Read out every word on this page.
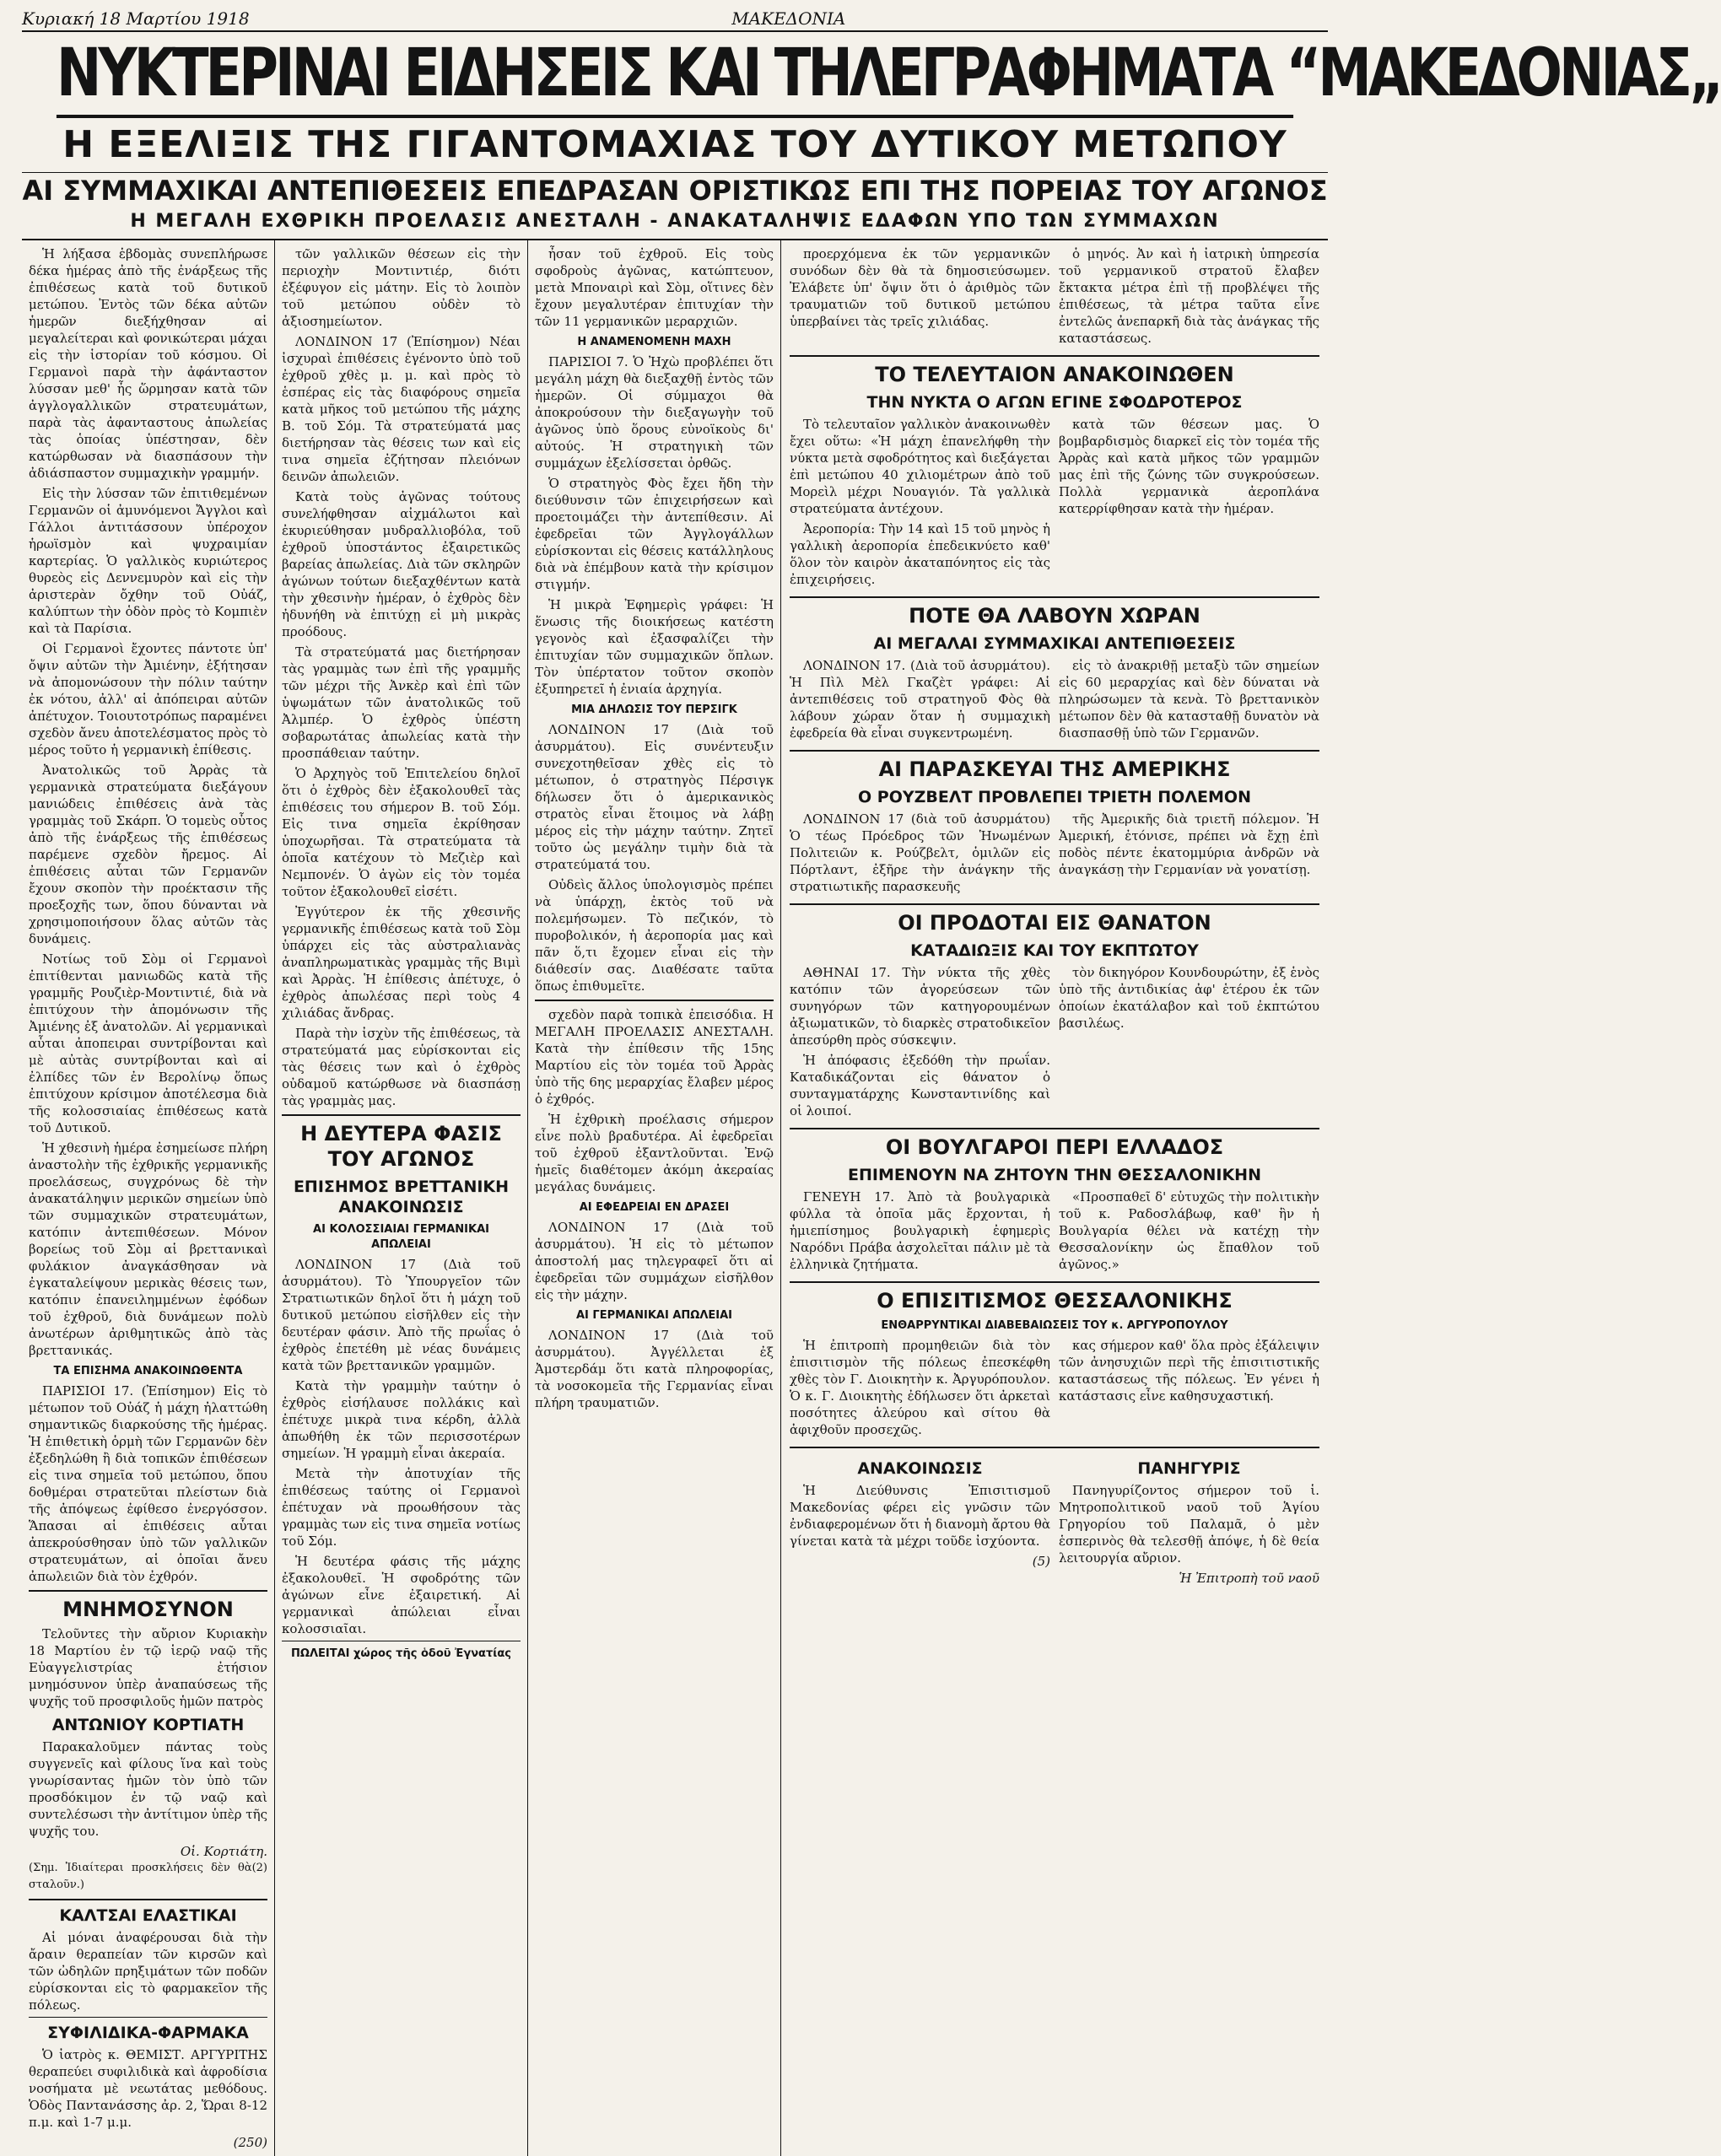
Κυριακή 18 Μαρτίου 1918	ΜΑΚΕΔΟΝΙΑ
ΝΥΚΤΕΡΙΝΑΙ ΕΙΔΗΣΕΙΣ ΚΑΙ ΤΗΛΕΓΡΑΦΗΜΑΤΑ “ΜΑΚΕΔΟΝΙΑΣ„
Η ΕΞΕΛΙΞΙΣ ΤΗΣ ΓΙΓΑΝΤΟΜΑΧΙΑΣ ΤΟΥ ΔΥΤΙΚΟΥ ΜΕΤΩΠΟΥ
ΑΙ ΣΥΜΜΑΧΙΚΑΙ ΑΝΤΕΠΙΘΕΣΕΙΣ ΕΠΕΔΡΑΣΑΝ ΟΡΙΣΤΙΚΩΣ ΕΠΙ ΤΗΣ ΠΟΡΕΙΑΣ ΤΟΥ ΑΓΩΝΟΣ
Η ΜΕΓΑΛΗ ΕΧΘΡΙΚΗ ΠΡΟΕΛΑΣΙΣ ΑΝΕΣΤΑΛΗ - ΑΝΑΚΑΤΑΛΗΨΙΣ ΕΔΑΦΩΝ ΥΠΟ ΤΩΝ ΣΥΜΜΑΧΩΝ

Ἡ λήξασα ἑβδομὰς συνεπλήρωσε δέκα ἡμέρας ἀπὸ τῆς ἐνάρξεως τῆς ἐπιθέσεως κατὰ τοῦ δυτικοῦ μετώπου. Ἐντὸς τῶν δέκα αὐτῶν ἡμερῶν διεξήχθησαν αἱ μεγαλείτεραι καὶ φονικώτεραι μάχαι εἰς τὴν ἱστορίαν τοῦ κόσμου. Οἱ Γερμανοὶ παρὰ τὴν ἀφάνταστον λύσσαν μεθ' ἧς ὥρμησαν κατὰ τῶν ἀγγλογαλλικῶν στρατευμάτων, παρὰ τὰς ἀφανταστους ἀπωλείας τὰς ὁποίας ὑπέστησαν, δὲν κατώρθωσαν νὰ διασπάσουν τὴν ἀδιάσπαστον συμμαχικὴν γραμμήν.

Εἰς τὴν λύσσαν τῶν ἐπιτιθεμένων Γερμανῶν οἱ ἀμυνόμενοι Ἄγγλοι καὶ Γάλλοι ἀντιτάσσουν ὑπέροχον ἡρωϊσμὸν καὶ ψυχραιμίαν καρτερίας. Ὁ γαλλικὸς κυριώτερος θυρεὸς εἰς Δεννεμυρὸν καὶ εἰς τὴν ἀριστερὰν ὄχθην τοῦ Οὐάζ, καλύπτων τὴν ὁδὸν πρὸς τὸ Κομπιὲν καὶ τὰ Παρίσια.

Οἱ Γερμανοὶ ἔχοντες πάντοτε ὑπ' ὄψιν αὐτῶν τὴν Ἀμιένην, ἐξήτησαν νὰ ἀπομονώσουν τὴν πόλιν ταύτην ἐκ νότου, ἀλλ' αἱ ἀπόπειραι αὐτῶν ἀπέτυχον. Τοιουτοτρόπως παραμένει σχεδὸν ἄνευ ἀποτελέσματος πρὸς τὸ μέρος τοῦτο ἡ γερμανικὴ ἐπίθεσις.

Ἀνατολικῶς τοῦ Ἀρρὰς τὰ γερμανικὰ στρατεύματα διεξάγουν μανιώδεις ἐπιθέσεις ἀνὰ τὰς γραμμὰς τοῦ Σκάρπ. Ὁ τομεὺς οὗτος ἀπὸ τῆς ἐνάρξεως τῆς ἐπιθέσεως παρέμενε σχεδὸν ἤρεμος. Αἱ ἐπιθέσεις αὗται τῶν Γερμανῶν ἔχουν σκοπὸν τὴν προέκτασιν τῆς προεξοχῆς των, ὅπου δύνανται νὰ χρησιμοποιήσουν ὅλας αὐτῶν τὰς δυνάμεις.

Νοτίως τοῦ Σὸμ οἱ Γερμανοὶ ἐπιτίθενται μανιωδῶς κατὰ τῆς γραμμῆς Ρουζιὲρ-Μοντιντιέ, διὰ νὰ ἐπιτύχουν τὴν ἀπομόνωσιν τῆς Ἀμιένης ἐξ ἀνατολῶν. Αἱ γερμανικαὶ αὗται ἀποπειραι συντρίβονται καὶ μὲ αὐτὰς συντρίβονται καὶ αἱ ἐλπίδες τῶν ἐν Βερολίνῳ ὅπως ἐπιτύχουν κρίσιμον ἀποτέλεσμα διὰ τῆς κολοσσιαίας ἐπιθέσεως κατὰ τοῦ Δυτικοῦ.

Ἡ χθεσινὴ ἡμέρα ἐσημείωσε πλήρη ἀναστολὴν τῆς ἐχθρικῆς γερμανικῆς προελάσεως, συγχρόνως δὲ τὴν ἀνακατάληψιν μερικῶν σημείων ὑπὸ τῶν συμμαχικῶν στρατευμάτων, κατόπιν ἀντεπιθέσεων. Μόνον βορείως τοῦ Σὸμ αἱ βρεττανικαὶ φυλάκιον ἀναγκάσθησαν νὰ ἐγκαταλείψουν μερικὰς θέσεις των, κατόπιν ἐπανειλημμένων ἐφόδων τοῦ ἐχθροῦ, διὰ δυνάμεων πολὺ ἀνωτέρων ἀριθμητικῶς ἀπὸ τὰς βρεττανικάς.

ΤΑ ΕΠΙΣΗΜΑ ΑΝΑΚΟΙΝΩΘΕΝΤΑ

ΠΑΡΙΣΙΟΙ 17. (Ἐπίσημον) Εἰς τὸ μέτωπον τοῦ Οὐάζ ἡ μάχη ἠλαττώθη σημαντικῶς διαρκούσης τῆς ἡμέρας. Ἡ ἐπιθετικὴ ὁρμὴ τῶν Γερμανῶν δὲν ἐξεδηλώθη ἢ διὰ τοπικῶν ἐπιθέσεων εἰς τινα σημεῖα τοῦ μετώπου, ὅπου δοθμέραι στρατεῦται πλείστων διὰ τῆς ἀπόψεως ἐφίθεσο ἐνεργόσσον. Ἅπασαι αἱ ἐπιθέσεις αὗται ἀπεκρούσθησαν ὑπὸ τῶν γαλλικῶν στρατευμάτων, αἱ ὁποῖαι ἄνευ ἀπωλειῶν διὰ τὸν ἐχθρόν.

ΜΝΗΜΟΣΥΝΟΝ

Τελοῦντες τὴν αὔριον Κυριακὴν 18 Μαρτίου ἐν τῷ ἱερῷ ναῷ τῆς Εὐαγγελιστρίας ἐτήσιον μνημόσυνον ὑπὲρ ἀναπαύσεως τῆς ψυχῆς τοῦ προσφιλοῦς ἡμῶν πατρὸς

ΑΝΤΩΝΙΟΥ ΚΟΡΤΙΑΤΗ

Παρακαλοῦμεν πάντας τοὺς συγγενεῖς καὶ φίλους ἵνα καὶ τοὺς γνωρίσαντας ἡμῶν τὸν ὑπὸ τῶν προσδόκιμον ἐν τῷ ναῷ καὶ συντελέσωσι τὴν ἀντίτιμον ὑπὲρ τῆς ψυχῆς του.

Οἱ. Κορτιάτη.
(Σημ. Ἱδιαίτεραι προσκλήσεις δὲν θὰ σταλοῦν.)
(2)
ΚΑΛΤΣΑΙ ΕΛΑΣΤΙΚΑΙ

Αἱ μόναι ἀναφέρουσαι διὰ τὴν ἄραιν θεραπείαν τῶν κιρσῶν καὶ τῶν ὠδηλῶν πρηξιμάτων τῶν ποδῶν εὑρίσκονται εἰς τὸ φαρμακεῖον τῆς πόλεως.

ΣΥΦΙΛΙΔΙΚΑ-ΦΑΡΜΑΚΑ

Ὁ ἰατρὸς κ. ΘΕΜΙΣΤ. ΑΡΓΥΡΙΤΗΣ θεραπεύει συφιλιδικὰ καὶ ἀφροδίσια νοσήματα μὲ νεωτάτας μεθόδους. Ὁδὸς Παντανάσσης ἀρ. 2, Ὥραι 8-12 π.μ. καὶ 1-7 μ.μ.

(250)

τῶν γαλλικῶν θέσεων εἰς τὴν περιοχὴν Μοντιντιέρ, διότι ἐξέφυγον εἰς μάτην. Εἰς τὸ λοιπὸν τοῦ μετώπου οὐδὲν τὸ ἀξιοσημείωτον.

ΛΟΝΔΙΝΟΝ 17 (Ἐπίσημον) Νέαι ἰσχυραὶ ἐπιθέσεις ἐγένοντο ὑπὸ τοῦ ἐχθροῦ χθὲς μ. μ. καὶ πρὸς τὸ ἑσπέρας εἰς τὰς διαφόρους σημεῖα κατὰ μῆκος τοῦ μετώπου τῆς μάχης Β. τοῦ Σόμ. Τὰ στρατεύματά μας διετήρησαν τὰς θέσεις των καὶ εἰς τινα σημεῖα ἐζήτησαν πλειόνων δεινῶν ἀπωλειῶν.

Κατὰ τοὺς ἀγῶνας τούτους συνελήφθησαν αἰχμάλωτοι καὶ ἐκυριεύθησαν μυδραλλιοβόλα, τοῦ ἐχθροῦ ὑποστάντος ἐξαιρετικῶς βαρείας ἀπωλείας. Διὰ τῶν σκληρῶν ἀγώνων τούτων διεξαχθέντων κατὰ τὴν χθεσινὴν ἡμέραν, ὁ ἐχθρὸς δὲν ἠδυνήθη νὰ ἐπιτύχῃ εἰ μὴ μικρὰς προόδους.

Τὰ στρατεύματά μας διετήρησαν τὰς γραμμὰς των ἐπὶ τῆς γραμμῆς τῶν μέχρι τῆς Ἀνκὲρ καὶ ἐπὶ τῶν ὑψωμάτων τῶν ἀνατολικῶς τοῦ Ἀλμπέρ. Ὁ ἐχθρὸς ὑπέστη σοβαρωτάτας ἀπωλείας κατὰ τὴν προσπάθειαν ταύτην.

Ὁ Ἀρχηγὸς τοῦ Ἐπιτελείου δηλοῖ ὅτι ὁ ἐχθρὸς δὲν ἐξακολουθεῖ τὰς ἐπιθέσεις του σήμερον Β. τοῦ Σόμ. Εἰς τινα σημεῖα ἐκρίθησαν ὑποχωρῆσαι. Τὰ στρατεύματα τὰ ὁποῖα κατέχουν τὸ Μεζιὲρ καὶ Νεμπονέν. Ὁ ἀγὼν εἰς τὸν τομέα τοῦτον ἐξακολουθεῖ εἰσέτι.

Ἐγγύτερον ἐκ τῆς χθεσινῆς γερμανικῆς ἐπιθέσεως κατὰ τοῦ Σὸμ ὑπάρχει εἰς τὰς αὐστραλιανὰς ἀναπληρωματικὰς γραμμὰς τῆς Βιμὶ καὶ Ἀρρὰς. Ἡ ἐπίθεσις ἀπέτυχε, ὁ ἐχθρὸς ἀπωλέσας περὶ τοὺς 4 χιλιάδας ἄνδρας.

Παρὰ τὴν ἰσχὺν τῆς ἐπιθέσεως, τὰ στρατεύματά μας εὑρίσκονται εἰς τὰς θέσεις των καὶ ὁ ἐχθρὸς οὐδαμοῦ κατώρθωσε νὰ διασπάσῃ τὰς γραμμὰς μας.

Η ΔΕΥΤΕΡΑ ΦΑΣΙΣ ΤΟΥ ΑΓΩΝΟΣ
ΕΠΙΣΗΜΟΣ ΒΡΕΤΤΑΝΙΚΗ ΑΝΑΚΟΙΝΩΣΙΣ
ΑΙ ΚΟΛΟΣΣΙΑΙΑΙ ΓΕΡΜΑΝΙΚΑΙ ΑΠΩΛΕΙΑΙ

ΛΟΝΔΙΝΟΝ 17 (Διὰ τοῦ ἀσυρμάτου). Τὸ Ὑπουργεῖον τῶν Στρατιωτικῶν δηλοῖ ὅτι ἡ μάχη τοῦ δυτικοῦ μετώπου εἰσῆλθεν εἰς τὴν δευτέραν φάσιν. Ἀπὸ τῆς πρωΐας ὁ ἐχθρὸς ἐπετέθη μὲ νέας δυνάμεις κατὰ τῶν βρεττανικῶν γραμμῶν.

Κατὰ τὴν γραμμὴν ταύτην ὁ ἐχθρὸς εἰσήλαυσε πολλάκις καὶ ἐπέτυχε μικρὰ τινα κέρδη, ἀλλὰ ἀπωθήθη ἐκ τῶν περισσοτέρων σημείων. Ἡ γραμμὴ εἶναι ἀκεραία.

Μετὰ τὴν ἀποτυχίαν τῆς ἐπιθέσεως ταύτης οἱ Γερμανοὶ ἐπέτυχαν νὰ προωθήσουν τὰς γραμμὰς των εἰς τινα σημεῖα νοτίως τοῦ Σόμ.

Ἡ δευτέρα φάσις τῆς μάχης ἐξακολουθεῖ. Ἡ σφοδρότης τῶν ἀγώνων εἶνε ἐξαιρετική. Αἱ γερμανικαὶ ἀπώλειαι εἶναι κολοσσιαῖαι.

ΠΩΛΕΙΤΑΙ χώρος τῆς ὁδοῦ Ἐγνατίας

ἦσαν τοῦ ἐχθροῦ. Εἰς τοὺς σφοδροὺς ἀγῶνας, κατώπτευον, μετὰ Μποναιρὶ καὶ Σὸμ, οἵτινες δὲν ἔχουν μεγαλυτέραν ἐπιτυχίαν τὴν τῶν 11 γερμανικῶν μεραρχιῶν.

Η ΑΝΑΜΕΝΟΜΕΝΗ ΜΑΧΗ

ΠΑΡΙΣΙΟΙ 7. Ὁ Ἠχὼ προβλέπει ὅτι μεγάλη μάχη θὰ διεξαχθῇ ἐντὸς τῶν ἡμερῶν. Οἱ σύμμαχοι θὰ ἀποκρούσουν τὴν διεξαγωγὴν τοῦ ἀγῶνος ὑπὸ ὅρους εὐνοϊκοὺς δι' αὐτούς. Ἡ στρατηγικὴ τῶν συμμάχων ἐξελίσσεται ὀρθῶς.

Ὁ στρατηγὸς Φὸς ἔχει ἤδη τὴν διεύθυνσιν τῶν ἐπιχειρήσεων καὶ προετοιμάζει τὴν ἀντεπίθεσιν. Αἱ ἐφεδρεῖαι τῶν Ἀγγλογάλλων εὑρίσκονται εἰς θέσεις κατάλληλους διὰ νὰ ἐπέμβουν κατὰ τὴν κρίσιμον στιγμήν.

Ἡ μικρὰ Ἐφημερὶς γράφει: Ἡ ἕνωσις τῆς διοικήσεως κατέστη γεγονὸς καὶ ἐξασφαλίζει τὴν ἐπιτυχίαν τῶν συμμαχικῶν ὅπλων. Τὸν ὑπέρτατον τοῦτον σκοπὸν ἐξυπηρετεῖ ἡ ἐνιαία ἀρχηγία.

ΜΙΑ ΔΗΛΩΣΙΣ ΤΟΥ ΠΕΡΣΙΓΚ

ΛΟΝΔΙΝΟΝ 17 (Διὰ τοῦ ἀσυρμάτου). Εἰς συνέντευξιν συνεχοτηθεῖσαν χθὲς εἰς τὸ μέτωπον, ὁ στρατηγὸς Πέρσιγκ δήλωσεν ὅτι ὁ ἀμερικανικὸς στρατὸς εἶναι ἕτοιμος νὰ λάβῃ μέρος εἰς τὴν μάχην ταύτην. Ζητεῖ τοῦτο ὡς μεγάλην τιμὴν διὰ τὰ στρατεύματά του.

Οὐδεὶς ἄλλος ὑπολογισμὸς πρέπει νὰ ὑπάρχῃ, ἐκτὸς τοῦ νὰ πολεμήσωμεν. Τὸ πεζικόν, τὸ πυροβολικόν, ἡ ἀεροπορία μας καὶ πᾶν ὅ,τι ἔχομεν εἶναι εἰς τὴν διάθεσίν σας. Διαθέσατε ταῦτα ὅπως ἐπιθυμεῖτε.

σχεδὸν παρὰ τοπικὰ ἐπεισόδια. Η ΜΕΓΑΛΗ ΠΡΟΕΛΑΣΙΣ ΑΝΕΣΤΑΛΗ. Κατὰ τὴν ἐπίθεσιν τῆς 15ης Μαρτίου εἰς τὸν τομέα τοῦ Ἀρρὰς ὑπὸ τῆς 6ης μεραρχίας ἔλαβεν μέρος ὁ ἐχθρός.

Ἡ ἐχθρικὴ προέλασις σήμερον εἶνε πολὺ βραδυτέρα. Αἱ ἐφεδρεῖαι τοῦ ἐχθροῦ ἐξαντλοῦνται. Ἐνῷ ἡμεῖς διαθέτομεν ἀκόμη ἀκεραίας μεγάλας δυνάμεις.

ΑΙ ΕΦΕΔΡΕΙΑΙ ΕΝ ΔΡΑΣΕΙ

ΛΟΝΔΙΝΟΝ 17 (Διὰ τοῦ ἀσυρμάτου). Ἡ εἰς τὸ μέτωπον ἀποστολή μας τηλεγραφεῖ ὅτι αἱ ἐφεδρεῖαι τῶν συμμάχων εἰσῆλθον εἰς τὴν μάχην.

ΑΙ ΓΕΡΜΑΝΙΚΑΙ ΑΠΩΛΕΙΑΙ

ΛΟΝΔΙΝΟΝ 17 (Διὰ τοῦ ἀσυρμάτου). Ἀγγέλλεται ἐξ Ἀμστερδάμ ὅτι κατὰ πληροφορίας, τὰ νοσοκομεῖα τῆς Γερμανίας εἶναι πλήρη τραυματιῶν.

προερχόμενα ἐκ τῶν γερμανικῶν συνόδων δὲν θὰ τὰ δημοσιεύσωμεν. Ἐλάβετε ὑπ' ὄψιν ὅτι ὁ ἀριθμὸς τῶν τραυματιῶν τοῦ δυτικοῦ μετώπου ὑπερβαίνει τὰς τρεῖς χιλιάδας.

ὁ μηνός. Ἀν καὶ ἡ ἰατρικὴ ὑπηρεσία τοῦ γερμανικοῦ στρατοῦ ἔλαβεν ἔκτακτα μέτρα ἐπὶ τῇ προβλέψει τῆς ἐπιθέσεως, τὰ μέτρα ταῦτα εἶνε ἐντελῶς ἀνεπαρκῆ διὰ τὰς ἀνάγκας τῆς καταστάσεως.

ΤΟ ΤΕΛΕΥΤΑΙΟΝ ΑΝΑΚΟΙΝΩΘΕΝ
ΤΗΝ ΝΥΚΤΑ Ο ΑΓΩΝ ΕΓΙΝΕ ΣΦΟΔΡΟΤΕΡΟΣ

Τὸ τελευταῖον γαλλικὸν ἀνακοινωθὲν ἔχει οὕτω: «Ἡ μάχη ἐπανελήφθη τὴν νύκτα μετὰ σφοδρότητος καὶ διεξάγεται ἐπὶ μετώπου 40 χιλιομέτρων ἀπὸ τοῦ Μορεὶλ μέχρι Νουαγιόν. Τὰ γαλλικὰ στρατεύματα ἀντέχουν.

Ἀεροπορία: Τὴν 14 καὶ 15 τοῦ μηνὸς ἡ γαλλικὴ ἀεροπορία ἐπεδεικνύετο καθ' ὅλον τὸν καιρὸν ἀκαταπόνητος εἰς τὰς ἐπιχειρήσεις.

κατὰ τῶν θέσεων μας. Ὁ βομβαρδισμὸς διαρκεῖ εἰς τὸν τομέα τῆς Ἀρρὰς καὶ κατὰ μῆκος τῶν γραμμῶν μας ἐπὶ τῆς ζώνης τῶν συγκρούσεων. Πολλὰ γερμανικὰ ἀεροπλάνα κατερρίφθησαν κατὰ τὴν ἡμέραν.

ΠΟΤΕ ΘΑ ΛΑΒΟΥΝ ΧΩΡΑΝ
ΑΙ ΜΕΓΑΛΑΙ ΣΥΜΜΑΧΙΚΑΙ ΑΝΤΕΠΙΘΕΣΕΙΣ

ΛΟΝΔΙΝΟΝ 17. (Διὰ τοῦ ἀσυρμάτου). Ἡ Πὶλ Μὲλ Γκαζὲτ γράφει: Αἱ ἀντεπιθέσεις τοῦ στρατηγοῦ Φὸς θὰ λάβουν χώραν ὅταν ἡ συμμαχικὴ ἐφεδρεία θὰ εἶναι συγκεντρωμένη.

εἰς τὸ ἀνακριθῇ μεταξὺ τῶν σημείων εἰς 60 μεραρχίας καὶ δὲν δύναται νὰ πληρώσωμεν τὰ κενὰ. Τὸ βρεττανικὸν μέτωπον δὲν θὰ κατασταθῇ δυνατὸν νὰ διασπασθῇ ὑπὸ τῶν Γερμανῶν.

ΑΙ ΠΑΡΑΣΚΕΥΑΙ ΤΗΣ ΑΜΕΡΙΚΗΣ
Ο ΡΟΥΖΒΕΛΤ ΠΡΟΒΛΕΠΕΙ ΤΡΙΕΤΗ ΠΟΛΕΜΟΝ

ΛΟΝΔΙΝΟΝ 17 (διὰ τοῦ ἀσυρμάτου) Ὁ τέως Πρόεδρος τῶν Ἡνωμένων Πολιτειῶν κ. Ρούζβελτ, ὁμιλῶν εἰς Πόρτλαντ, ἐξῆρε τὴν ἀνάγκην τῆς στρατιωτικῆς παρασκευῆς

τῆς Ἀμερικῆς διὰ τριετῆ πόλεμον. Ἡ Ἀμερική, ἐτόνισε, πρέπει νὰ ἔχῃ ἐπὶ ποδὸς πέντε ἑκατομμύρια ἀνδρῶν νὰ ἀναγκάσῃ τὴν Γερμανίαν νὰ γονατίσῃ.

ΟΙ ΠΡΟΔΟΤΑΙ ΕΙΣ ΘΑΝΑΤΟΝ
ΚΑΤΑΔΙΩΞΙΣ ΚΑΙ ΤΟΥ ΕΚΠΤΩΤΟΥ

ΑΘΗΝΑΙ 17. Τὴν νύκτα τῆς χθὲς κατόπιν τῶν ἀγορεύσεων τῶν συνηγόρων τῶν κατηγορουμένων ἀξιωματικῶν, τὸ διαρκὲς στρατοδικεῖον ἀπεσύρθη πρὸς σύσκεψιν.

Ἡ ἀπόφασις ἐξεδόθη τὴν πρωΐαν. Καταδικάζονται εἰς θάνατον ὁ συνταγματάρχης Κωνσταντινίδης καὶ οἱ λοιποί.

τὸν δικηγόρον Κουνδουρώτην, ἐξ ἑνὸς ὑπὸ τῆς ἀντιδικίας ἀφ' ἑτέρου ἐκ τῶν ὁποίων ἐκατάλαβον καὶ τοῦ ἐκπτώτου βασιλέως.

ΟΙ ΒΟΥΛΓΑΡΟΙ ΠΕΡΙ ΕΛΛΑΔΟΣ
ΕΠΙΜΕΝΟΥΝ ΝΑ ΖΗΤΟΥΝ ΤΗΝ ΘΕΣΣΑΛΟΝΙΚΗΝ

ΓΕΝΕΥΗ 17. Ἀπὸ τὰ βουλγαρικὰ φύλλα τὰ ὁποῖα μᾶς ἔρχονται, ἡ ἡμιεπίσημος βουλγαρικὴ ἐφημερὶς Ναρόδνι Πράβα ἀσχολεῖται πάλιν μὲ τὰ ἑλληνικὰ ζητήματα.

«Προσπαθεῖ δ' εὑτυχῶς τὴν πολιτικὴν τοῦ κ. Ραδοσλάβωφ, καθ' ἣν ἡ Βουλγαρία θέλει νὰ κατέχῃ τὴν Θεσσαλονίκην ὡς ἔπαθλον τοῦ ἀγῶνος.»

Ο ΕΠΙΣΙΤΙΣΜΟΣ ΘΕΣΣΑΛΟΝΙΚΗΣ
ΕΝΘΑΡΡΥΝΤΙΚΑΙ ΔΙΑΒΕΒΑΙΩΣΕΙΣ ΤΟΥ κ. ΑΡΓΥΡΟΠΟΥΛΟΥ

Ἡ ἐπιτροπὴ προμηθειῶν διὰ τὸν ἐπισιτισμὸν τῆς πόλεως ἐπεσκέφθη χθὲς τὸν Γ. Διοικητὴν κ. Ἀργυρόπουλον. Ὁ κ. Γ. Διοικητὴς ἐδήλωσεν ὅτι ἀρκεταὶ ποσότητες ἀλεύρου καὶ σίτου θὰ ἀφιχθοῦν προσεχῶς.

κας σήμερον καθ' ὅλα πρὸς ἐξάλειψιν τῶν ἀνησυχιῶν περὶ τῆς ἐπισιτιστικῆς καταστάσεως τῆς πόλεως. Ἐν γένει ἡ κατάστασις εἶνε καθησυχαστική.

ΑΝΑΚΟΙΝΩΣΙΣ

Ἡ Διεύθυνσις Ἐπισιτισμοῦ Μακεδονίας φέρει εἰς γνῶσιν τῶν ἐνδιαφερομένων ὅτι ἡ διανομὴ ἄρτου θὰ γίνεται κατὰ τὰ μέχρι τοῦδε ἰσχύοντα.

(5)
ΠΑΝΗΓΥΡΙΣ

Πανηγυρίζοντος σήμερον τοῦ ἱ. Μητροπολιτικοῦ ναοῦ τοῦ Ἁγίου Γρηγορίου τοῦ Παλαμᾶ, ὁ μὲν ἑσπερινὸς θὰ τελεσθῇ ἀπόψε, ἡ δὲ θεία λειτουργία αὔριον.

Ἡ Ἐπιτροπὴ τοῦ ναοῦ
